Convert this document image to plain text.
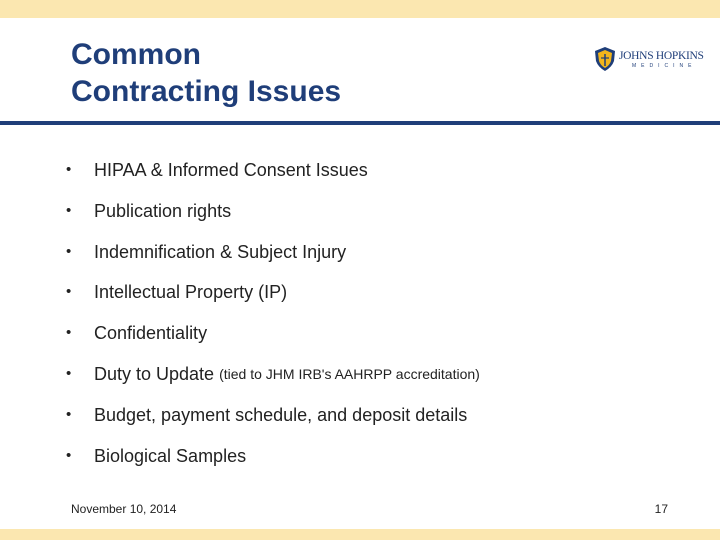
Common
Contracting Issues
JOHNS HOPKINS
MEDICINE
•	HIPAA & Informed Consent Issues
•	Publication rights
•	Indemnification & Subject Injury
•	Intellectual Property (IP)
•	Confidentiality
•	Duty to Update
(tied to JHM IRB's AAHRPP accreditation)
•	Budget, payment schedule, and deposit details
•	Biological Samples
November 10, 2014	17
